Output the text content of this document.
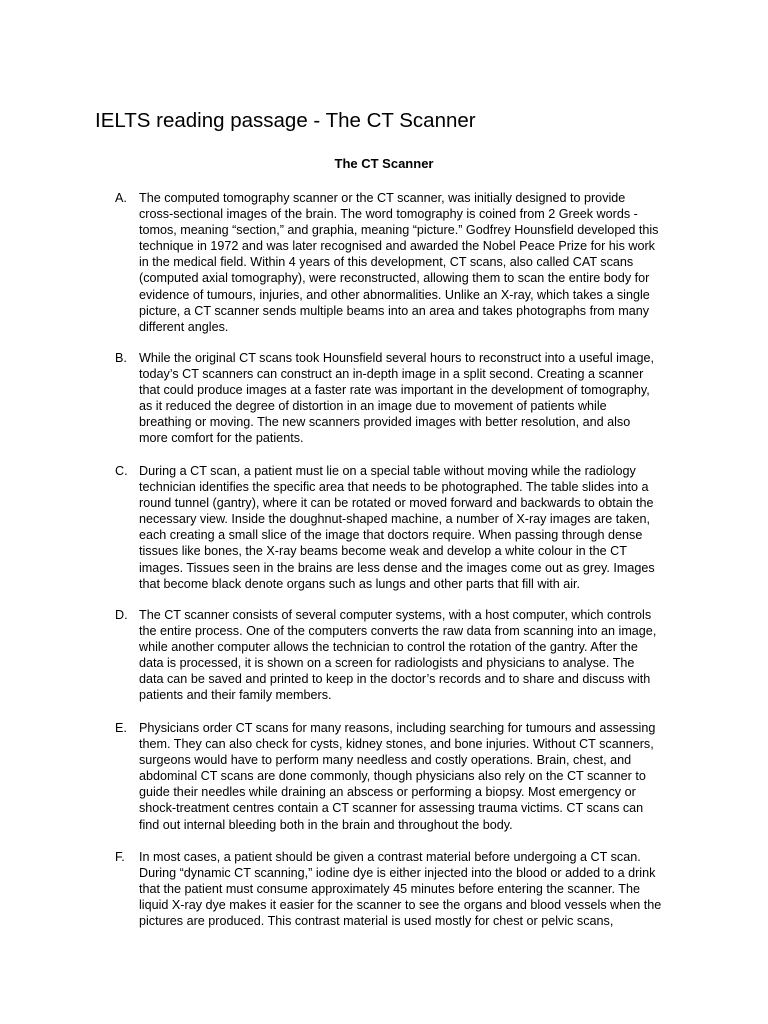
IELTS reading passage - The CT Scanner
The CT Scanner
A. The computed tomography scanner or the CT scanner, was initially designed to provide
cross-sectional images of the brain. The word tomography is coined from 2 Greek words -
tomos, meaning “section,” and graphia, meaning “picture.” Godfrey Hounsfield developed this
technique in 1972 and was later recognised and awarded the Nobel Peace Prize for his work
in the medical field. Within 4 years of this development, CT scans, also called CAT scans
(computed axial tomography), were reconstructed, allowing them to scan the entire body for
evidence of tumours, injuries, and other abnormalities. Unlike an X-ray, which takes a single
picture, a CT scanner sends multiple beams into an area and takes photographs from many
different angles.
B. While the original CT scans took Hounsfield several hours to reconstruct into a useful image,
today’s CT scanners can construct an in-depth image in a split second. Creating a scanner
that could produce images at a faster rate was important in the development of tomography,
as it reduced the degree of distortion in an image due to movement of patients while
breathing or moving. The new scanners provided images with better resolution, and also
more comfort for the patients.
C. During a CT scan, a patient must lie on a special table without moving while the radiology
technician identifies the specific area that needs to be photographed. The table slides into a
round tunnel (gantry), where it can be rotated or moved forward and backwards to obtain the
necessary view. Inside the doughnut-shaped machine, a number of X-ray images are taken,
each creating a small slice of the image that doctors require. When passing through dense
tissues like bones, the X-ray beams become weak and develop a white colour in the CT
images. Tissues seen in the brains are less dense and the images come out as grey. Images
that become black denote organs such as lungs and other parts that fill with air.
D. The CT scanner consists of several computer systems, with a host computer, which controls
the entire process. One of the computers converts the raw data from scanning into an image,
while another computer allows the technician to control the rotation of the gantry. After the
data is processed, it is shown on a screen for radiologists and physicians to analyse. The
data can be saved and printed to keep in the doctor’s records and to share and discuss with
patients and their family members.
E. Physicians order CT scans for many reasons, including searching for tumours and assessing
them. They can also check for cysts, kidney stones, and bone injuries. Without CT scanners,
surgeons would have to perform many needless and costly operations. Brain, chest, and
abdominal CT scans are done commonly, though physicians also rely on the CT scanner to
guide their needles while draining an abscess or performing a biopsy. Most emergency or
shock-treatment centres contain a CT scanner for assessing trauma victims. CT scans can
find out internal bleeding both in the brain and throughout the body.
F. In most cases, a patient should be given a contrast material before undergoing a CT scan.
During “dynamic CT scanning,” iodine dye is either injected into the blood or added to a drink
that the patient must consume approximately 45 minutes before entering the scanner. The
liquid X-ray dye makes it easier for the scanner to see the organs and blood vessels when the
pictures are produced. This contrast material is used mostly for chest or pelvic scans,
